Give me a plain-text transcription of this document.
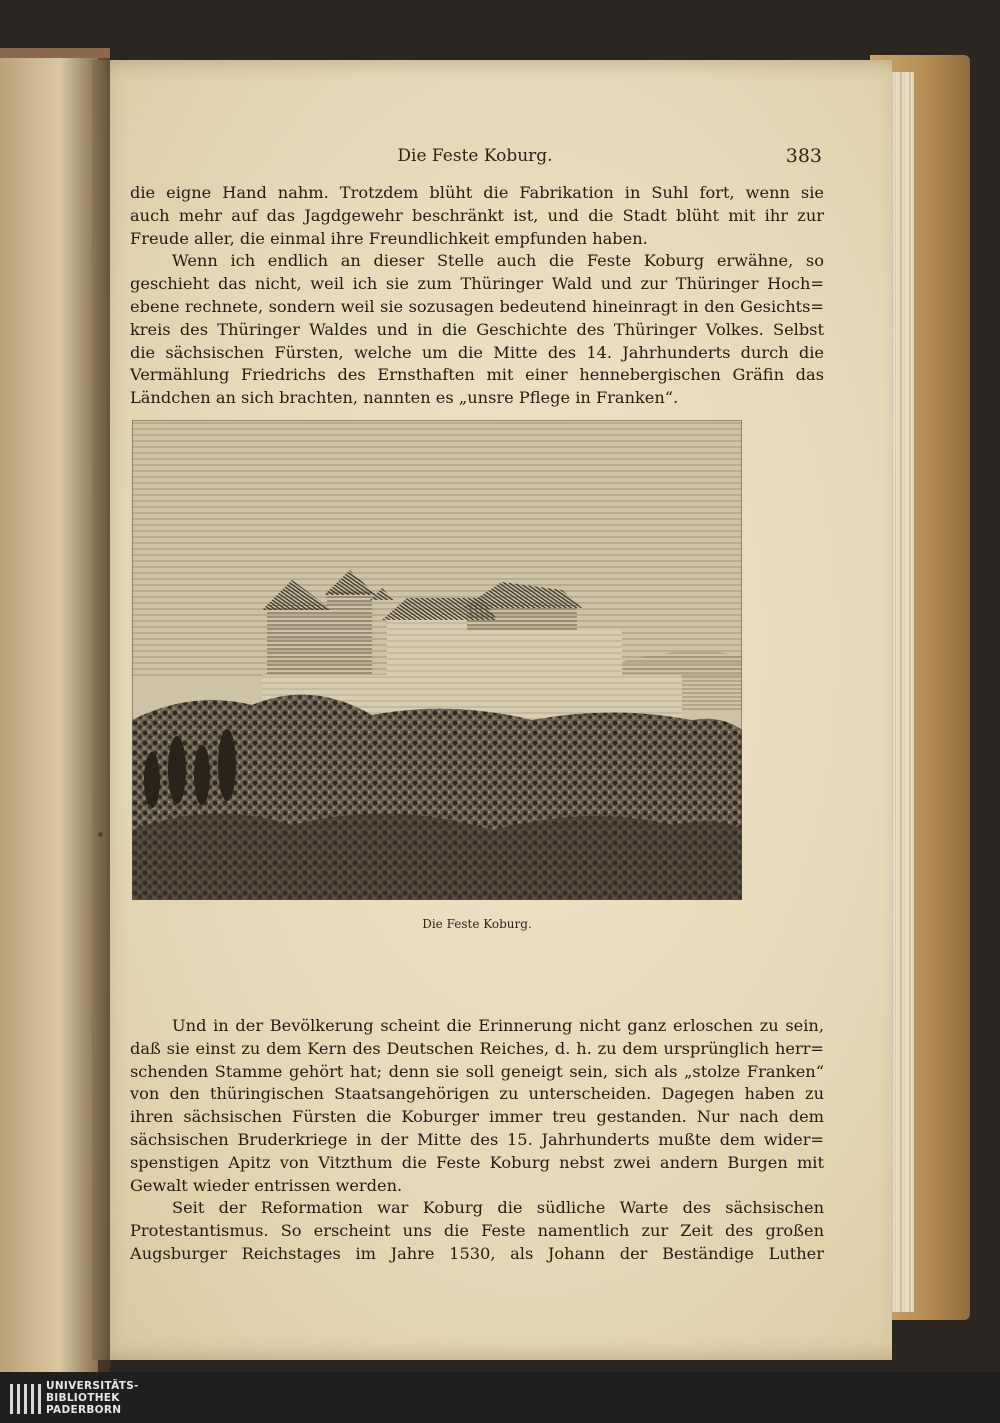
Die Feste Koburg.	383
die eigne Hand nahm. Trotzdem blüht die Fabrikation in Suhl fort, wenn sie
auch mehr auf das Jagdgewehr beschränkt ist, und die Stadt blüht mit ihr zur
Freude aller, die einmal ihre Freundlichkeit empfunden haben.
Wenn ich endlich an dieser Stelle auch die Feste Koburg erwähne, so
geschieht das nicht, weil ich sie zum Thüringer Wald und zur Thüringer Hoch=
ebene rechnete, sondern weil sie sozusagen bedeutend hineinragt in den Gesichts=
kreis des Thüringer Waldes und in die Geschichte des Thüringer Volkes. Selbst
die sächsischen Fürsten, welche um die Mitte des 14. Jahrhunderts durch die
Vermählung Friedrichs des Ernsthaften mit einer hennebergischen Gräfin das
Ländchen an sich brachten, nannten es „unsre Pflege in Franken“.
Die Feste Koburg.
Und in der Bevölkerung scheint die Erinnerung nicht ganz erloschen zu sein,
daß sie einst zu dem Kern des Deutschen Reiches, d. h. zu dem ursprünglich herr=
schenden Stamme gehört hat; denn sie soll geneigt sein, sich als „stolze Franken“
von den thüringischen Staatsangehörigen zu unterscheiden. Dagegen haben zu
ihren sächsischen Fürsten die Koburger immer treu gestanden. Nur nach dem
sächsischen Bruderkriege in der Mitte des 15. Jahrhunderts mußte dem wider=
spenstigen Apitz von Vitzthum die Feste Koburg nebst zwei andern Burgen mit
Gewalt wieder entrissen werden.
Seit der Reformation war Koburg die südliche Warte des sächsischen
Protestantismus. So erscheint uns die Feste namentlich zur Zeit des großen
Augsburger Reichstages im Jahre 1530, als Johann der Beständige Luther
UNIVERSITÄTS-
BIBLIOTHEK
PADERBORN
